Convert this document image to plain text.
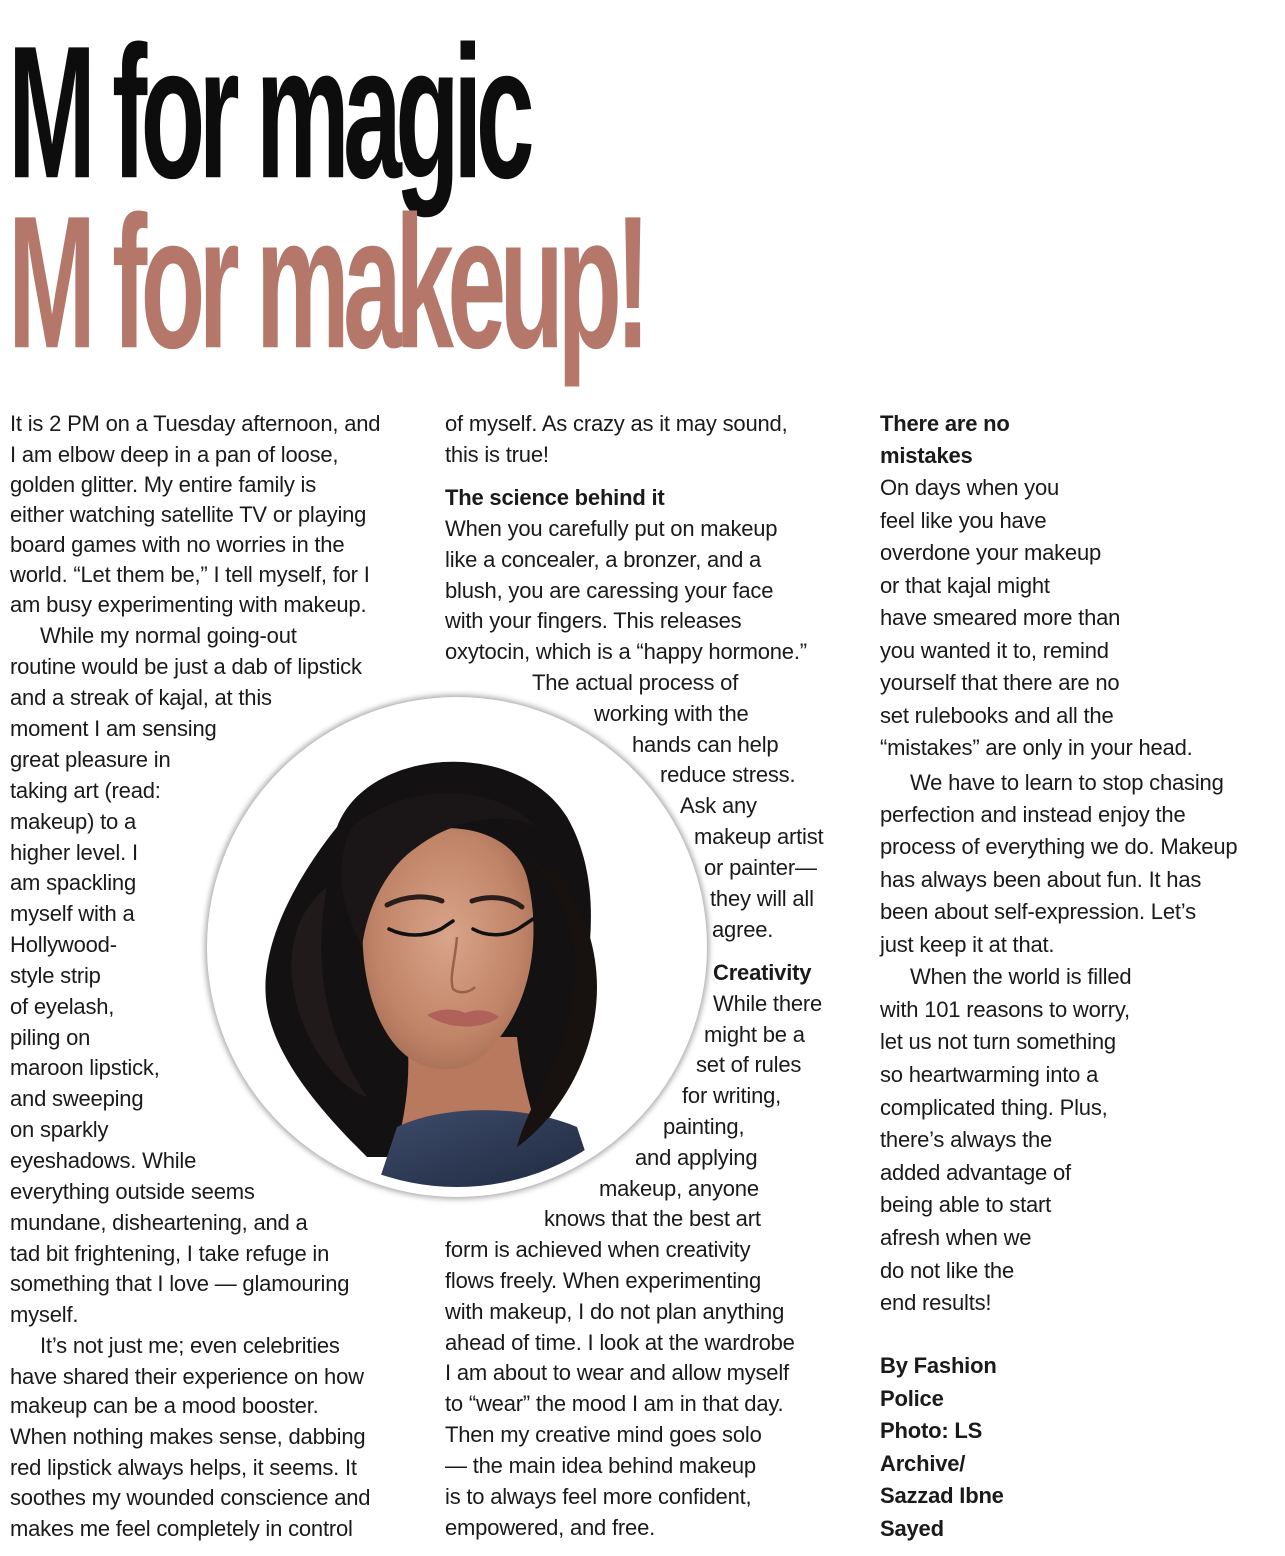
M for magic
M for makeup!
It is 2 PM on a Tuesday afternoon, and
I am elbow deep in a pan of loose,
golden glitter. My entire family is
either watching satellite TV or playing
board games with no worries in the
world. “Let them be,” I tell myself, for I
am busy experimenting with makeup.
While my normal going-out
routine would be just a dab of lipstick
and a streak of kajal, at this
moment I am sensing
great pleasure in
taking art (read:
makeup) to a
higher level. I
am spackling
myself with a
Hollywood-
style strip
of eyelash,
piling on
maroon lipstick,
and sweeping
on sparkly
eyeshadows. While
everything outside seems
mundane, disheartening, and a
tad bit frightening, I take refuge in
something that I love — glamouring
myself.
It’s not just me; even celebrities
have shared their experience on how
makeup can be a mood booster.
When nothing makes sense, dabbing
red lipstick always helps, it seems. It
soothes my wounded conscience and
makes me feel completely in control
of myself. As crazy as it may sound,
this is true!
The science behind it
When you carefully put on makeup
like a concealer, a bronzer, and a
blush, you are caressing your face
with your fingers. This releases
oxytocin, which is a “happy hormone.”
The actual process of
working with the
hands can help
reduce stress.
Ask any
makeup artist
or painter—
they will all
agree.
Creativity
While there
might be a
set of rules
for writing,
painting,
and applying
makeup, anyone
knows that the best art
form is achieved when creativity
flows freely. When experimenting
with makeup, I do not plan anything
ahead of time. I look at the wardrobe
I am about to wear and allow myself
to “wear” the mood I am in that day.
Then my creative mind goes solo
— the main idea behind makeup
is to always feel more confident,
empowered, and free.
There are no
mistakes
On days when you
feel like you have
overdone your makeup
or that kajal might
have smeared more than
you wanted it to, remind
yourself that there are no
set rulebooks and all the
“mistakes” are only in your head.
We have to learn to stop chasing
perfection and instead enjoy the
process of everything we do. Makeup
has always been about fun. It has
been about self-expression. Let’s
just keep it at that.
When the world is filled
with 101 reasons to worry,
let us not turn something
so heartwarming into a
complicated thing. Plus,
there’s always the
added advantage of
being able to start
afresh when we
do not like the
end results!
By Fashion
Police
Photo: LS
Archive/
Sazzad Ibne
Sayed
